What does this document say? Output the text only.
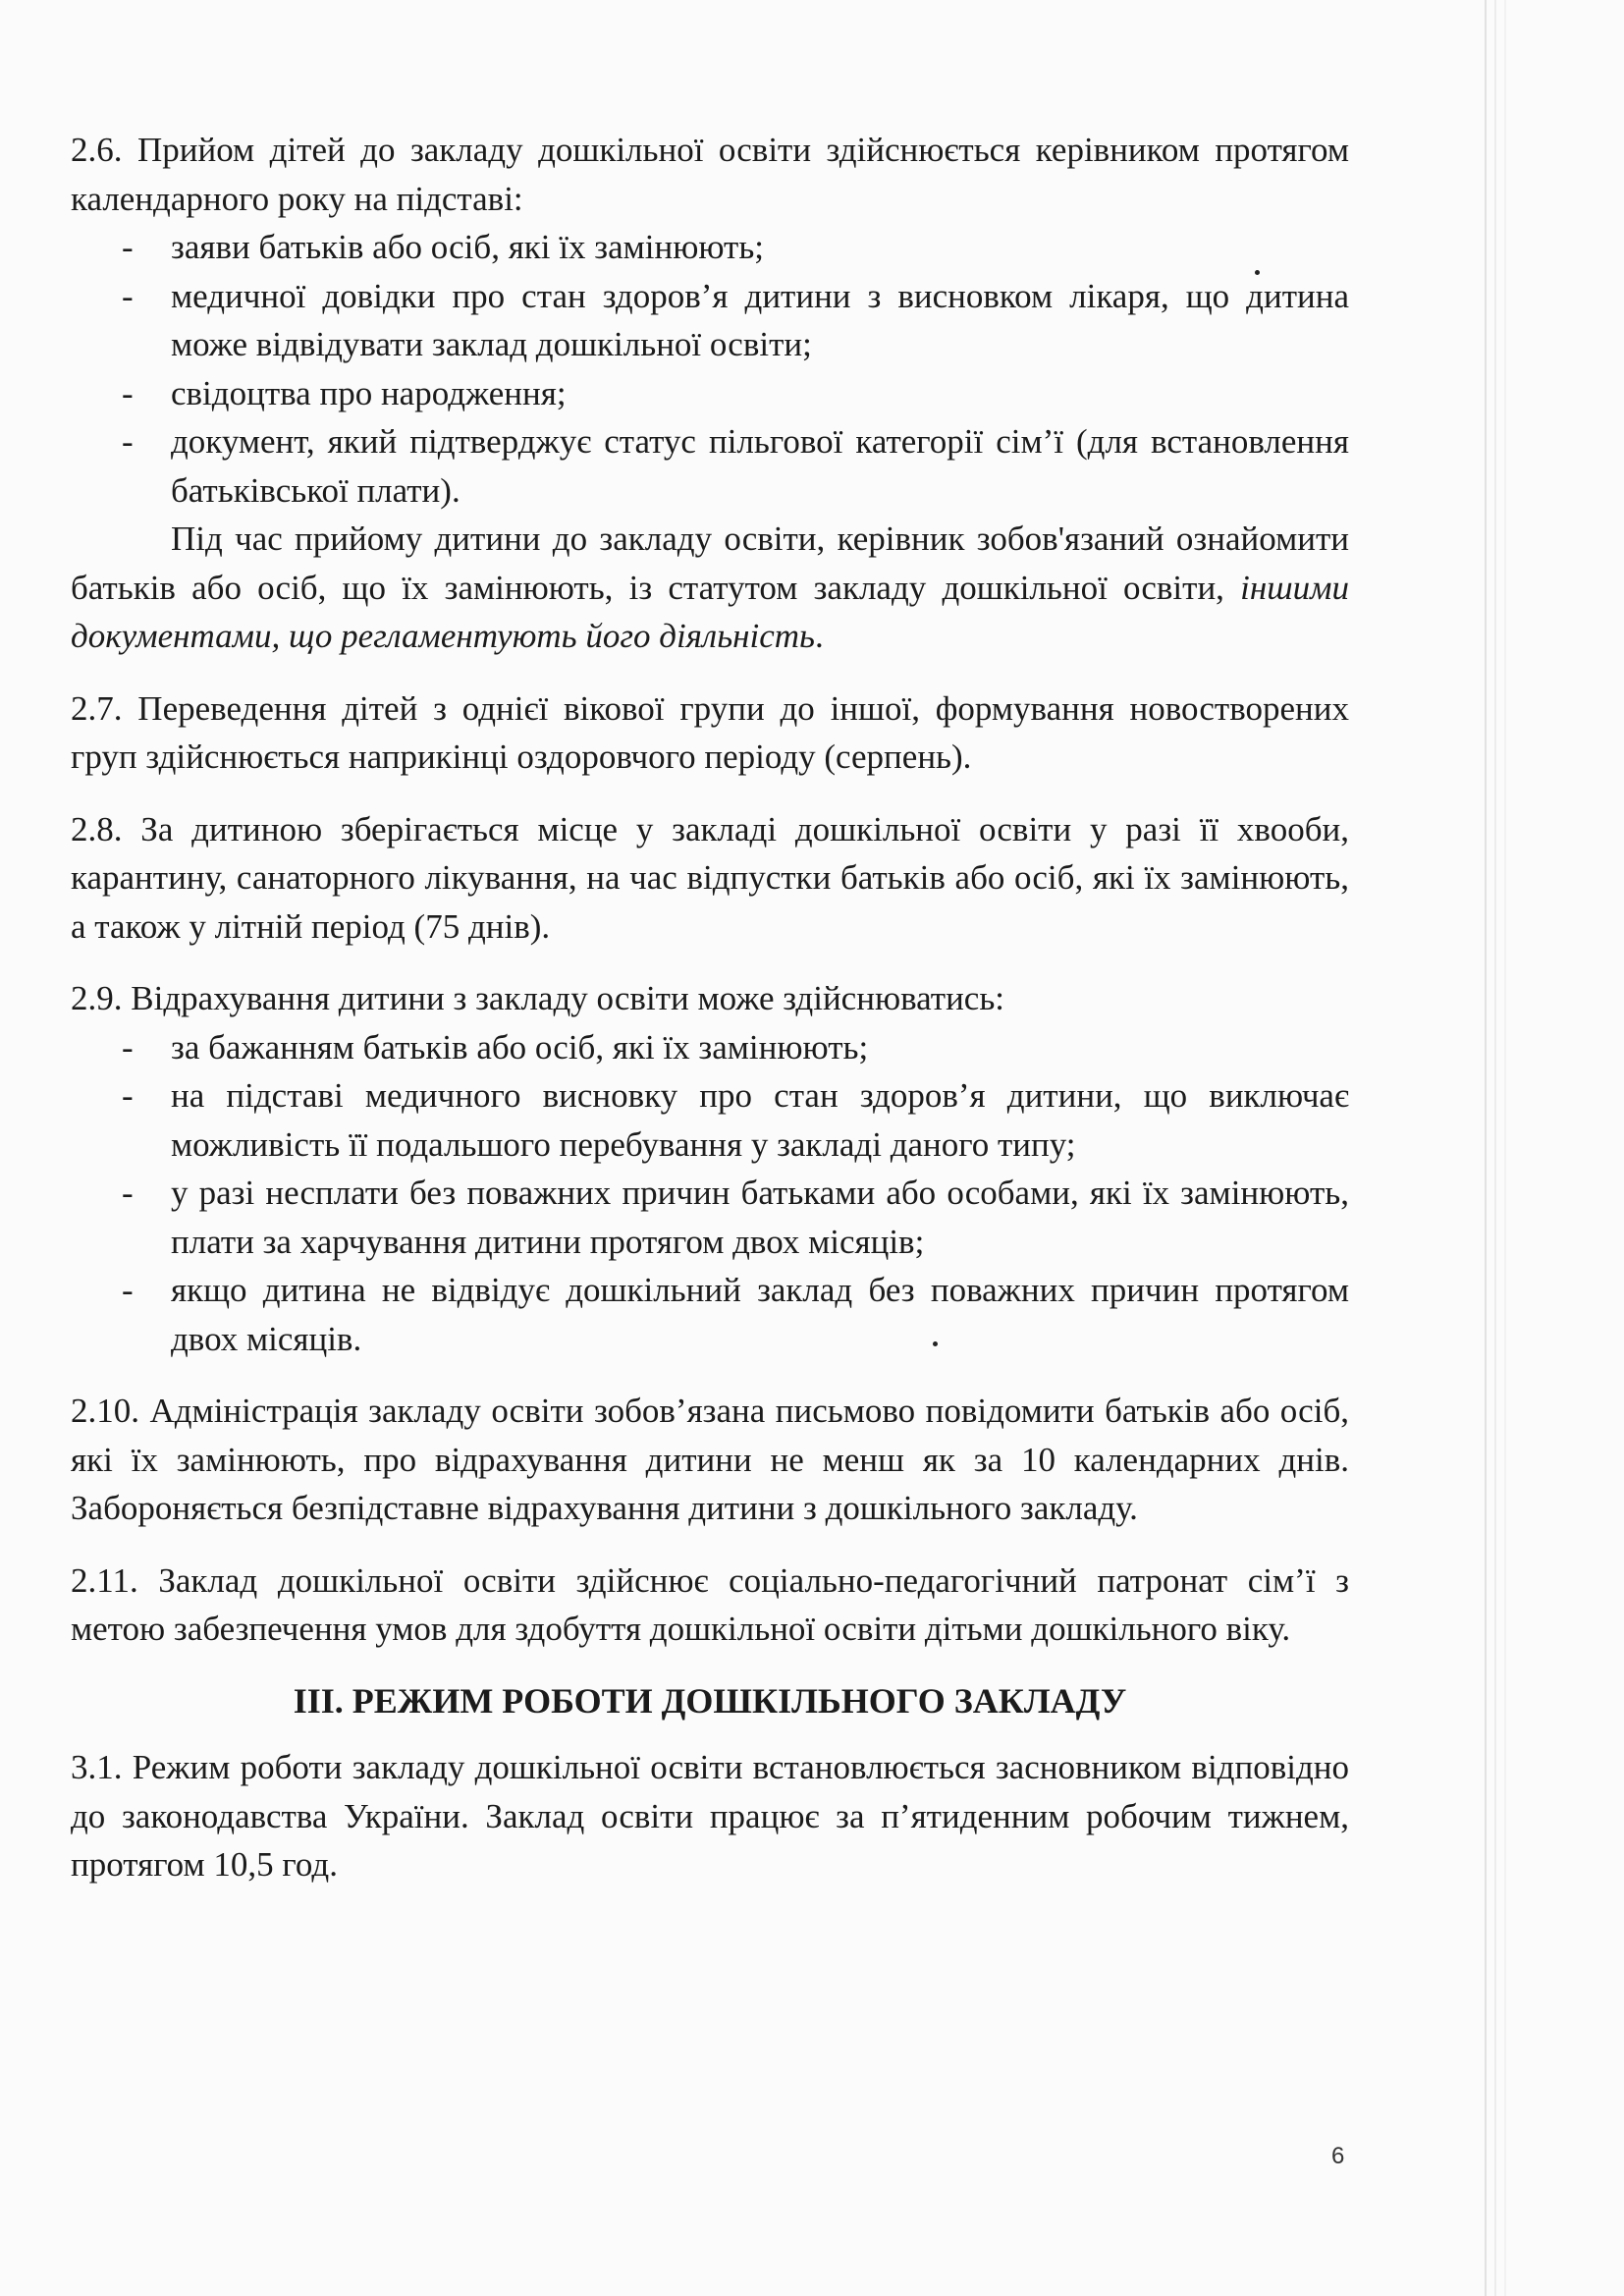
2.6. Прийом дітей до закладу дошкільної освіти здійснюється керівником протягом календарного року на підставі:

- заяви батьків або осіб, які їх замінюють;
- медичної довідки про стан здоров’я дитини з висновком лікаря, що дитина може відвідувати заклад дошкільної освіти;
- свідоцтва про народження;
- документ, який підтверджує статус пільгової категорії сім’ї (для встановлення батьківської плати).

Під час прийому дитини до закладу освіти, керівник зобов'язаний ознайомити батьків або осіб, що їх замінюють, із статутом закладу дошкільної освіти, іншими документами, що регламентують його діяльність.

2.7. Переведення дітей з однієї вікової групи до іншої, формування новостворених груп здійснюється наприкінці оздоровчого періоду (серпень).

2.8. За дитиною зберігається місце у закладі дошкільної освіти у разі її хвооби, карантину, санаторного лікування, на час відпустки батьків або осіб, які їх замінюють, а також у літній період (75 днів).

2.9. Відрахування дитини з закладу освіти може здійснюватись:

- за бажанням батьків або осіб, які їх замінюють;
- на підставі медичного висновку про стан здоров’я дитини, що виключає можливість її подальшого перебування у закладі даного типу;
- у разі несплати без поважних причин батьками або особами, які їх замінюють, плати за харчування дитини протягом двох місяців;
- якщо дитина не відвідує дошкільний заклад без поважних причин протягом двох місяців.

2.10. Адміністрація закладу освіти зобов’язана письмово повідомити батьків або осіб, які їх замінюють, про відрахування дитини не менш як за 10 календарних днів. Забороняється безпідставне відрахування дитини з дошкільного закладу.

2.11. Заклад дошкільної освіти здійснює соціально-педагогічний патронат сім’ї з метою забезпечення умов для здобуття дошкільної освіти дітьми дошкільного віку.

ІІІ. РЕЖИМ РОБОТИ ДОШКІЛЬНОГО ЗАКЛАДУ

3.1. Режим роботи закладу дошкільної освіти встановлюється засновником відповідно до законодавства України. Заклад освіти працює за п’ятиденним робочим тижнем, протягом 10,5 год.

6
